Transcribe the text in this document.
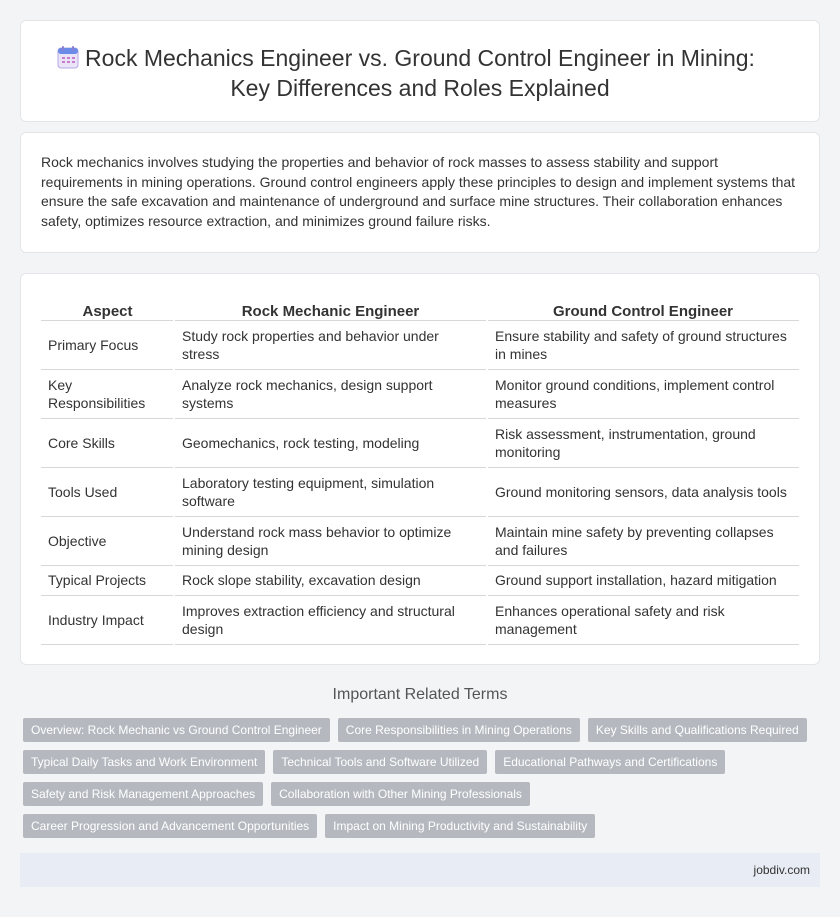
Rock Mechanics Engineer vs. Ground Control Engineer in Mining:
Key Differences and Roles Explained

Rock mechanics involves studying the properties and behavior of rock masses to assess stability and support requirements in mining operations. Ground control engineers apply these principles to design and implement systems that ensure the safe excavation and maintenance of underground and surface mine structures. Their collaboration enhances safety, optimizes resource extraction, and minimizes ground failure risks.

Aspect	Rock Mechanic Engineer	Ground Control Engineer
Primary Focus	Study rock properties and behavior under stress	Ensure stability and safety of ground structures in mines
Key Responsibilities	Analyze rock mechanics, design support systems	Monitor ground conditions, implement control measures
Core Skills	Geomechanics, rock testing, modeling	Risk assessment, instrumentation, ground monitoring
Tools Used	Laboratory testing equipment, simulation software	Ground monitoring sensors, data analysis tools
Objective	Understand rock mass behavior to optimize mining design	Maintain mine safety by preventing collapses and failures
Typical Projects	Rock slope stability, excavation design	Ground support installation, hazard mitigation
Industry Impact	Improves extraction efficiency and structural design	Enhances operational safety and risk management
Important Related Terms
Overview: Rock Mechanic vs Ground Control Engineer	Core Responsibilities in Mining Operations	Key Skills and Qualifications Required
Typical Daily Tasks and Work Environment	Technical Tools and Software Utilized	Educational Pathways and Certifications
Safety and Risk Management Approaches	Collaboration with Other Mining Professionals
Career Progression and Advancement Opportunities	Impact on Mining Productivity and Sustainability
jobdiv.com
